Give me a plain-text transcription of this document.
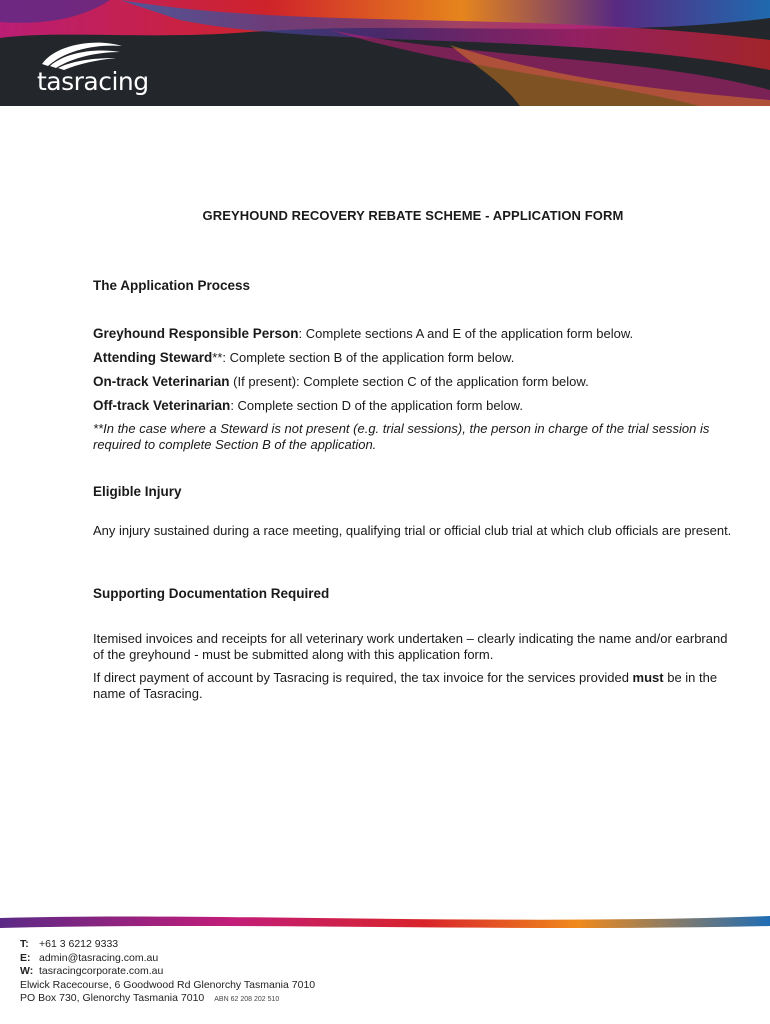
tasracing
GREYHOUND RECOVERY REBATE SCHEME - APPLICATION FORM
The Application Process
Greyhound Responsible Person: Complete sections A and E of the application form below.
Attending Steward**: Complete section B of the application form below.
On-track Veterinarian (If present): Complete section C of the application form below.
Off-track Veterinarian: Complete section D of the application form below.
**In the case where a Steward is not present (e.g. trial sessions), the person in charge of the trial session is required to complete Section B of the application.
Eligible Injury
Any injury sustained during a race meeting, qualifying trial or official club trial at which club officials are present.
Supporting Documentation Required
Itemised invoices and receipts for all veterinary work undertaken – clearly indicating the name and/or earbrand of the greyhound - must be submitted along with this application form.
If direct payment of account by Tasracing is required, the tax invoice for the services provided must be in the name of Tasracing.
T: +61 3 6212 9333
E: admin@tasracing.com.au
W: tasracingcorporate.com.au
Elwick Racecourse, 6 Goodwood Rd Glenorchy Tasmania 7010
PO Box 730, Glenorchy Tasmania 7010 ABN 62 208 202 510
